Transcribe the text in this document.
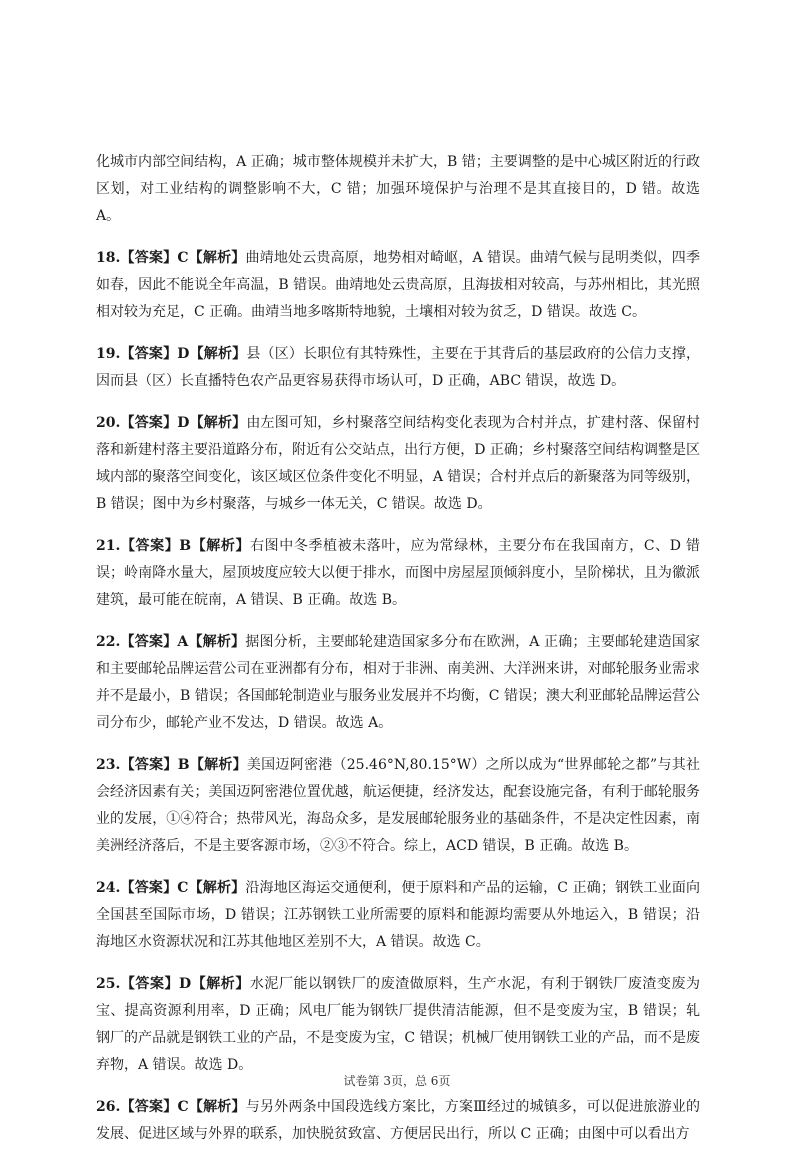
化城市内部空间结构，A 正确；城市整体规模并未扩大，B 错；主要调整的是中心城区附近的行政区划，对工业结构的调整影响不大，C 错；加强环境保护与治理不是其直接目的，D 错。故选 A。

18.【答案】C【解析】曲靖地处云贵高原，地势相对崎岖，A 错误。曲靖气候与昆明类似，四季如春，因此不能说全年高温，B 错误。曲靖地处云贵高原，且海拔相对较高，与苏州相比，其光照相对较为充足，C 正确。曲靖当地多喀斯特地貌，土壤相对较为贫乏，D 错误。故选 C。

19.【答案】D【解析】县（区）长职位有其特殊性，主要在于其背后的基层政府的公信力支撑，因而县（区）长直播特色农产品更容易获得市场认可，D 正确，ABC 错误，故选 D。

20.【答案】D【解析】由左图可知，乡村聚落空间结构变化表现为合村并点，扩建村落、保留村落和新建村落主要沿道路分布，附近有公交站点，出行方便，D 正确；乡村聚落空间结构调整是区域内部的聚落空间变化，该区域区位条件变化不明显，A 错误；合村并点后的新聚落为同等级别，B 错误；图中为乡村聚落，与城乡一体无关，C 错误。故选 D。

21.【答案】B【解析】右图中冬季植被未落叶，应为常绿林，主要分布在我国南方，C、D 错误；岭南降水量大，屋顶坡度应较大以便于排水，而图中房屋屋顶倾斜度小，呈阶梯状，且为徽派建筑，最可能在皖南，A 错误、B 正确。故选 B。

22.【答案】A【解析】据图分析，主要邮轮建造国家多分布在欧洲，A 正确；主要邮轮建造国家和主要邮轮品牌运营公司在亚洲都有分布，相对于非洲、南美洲、大洋洲来讲，对邮轮服务业需求并不是最小，B 错误；各国邮轮制造业与服务业发展并不均衡，C 错误；澳大利亚邮轮品牌运营公司分布少，邮轮产业不发达，D 错误。故选 A。

23.【答案】B【解析】美国迈阿密港（25.46°N,80.15°W）之所以成为“世界邮轮之都”与其社会经济因素有关；美国迈阿密港位置优越，航运便捷，经济发达，配套设施完备，有利于邮轮服务业的发展，①④符合；热带风光，海岛众多，是发展邮轮服务业的基础条件，不是决定性因素，南美洲经济落后，不是主要客源市场，②③不符合。综上，ACD 错误，B 正确。故选 B。

24.【答案】C【解析】沿海地区海运交通便利，便于原料和产品的运输，C 正确；钢铁工业面向全国甚至国际市场，D 错误；江苏钢铁工业所需要的原料和能源均需要从外地运入，B 错误；沿海地区水资源状况和江苏其他地区差别不大，A 错误。故选 C。

25.【答案】D【解析】水泥厂能以钢铁厂的废渣做原料，生产水泥，有利于钢铁厂废渣变废为宝、提高资源利用率，D 正确；风电厂能为钢铁厂提供清洁能源，但不是变废为宝，B 错误；轧钢厂的产品就是钢铁工业的产品，不是变废为宝，C 错误；机械厂使用钢铁工业的产品，而不是废弃物，A 错误。故选 D。

26.【答案】C【解析】与另外两条中国段选线方案比，方案Ⅲ经过的城镇多，可以促进旅游业的发展、促进区域与外界的联系，加快脱贫致富、方便居民出行，所以 C 正确；由图中可以看出方

试卷第 3页，总 6页
